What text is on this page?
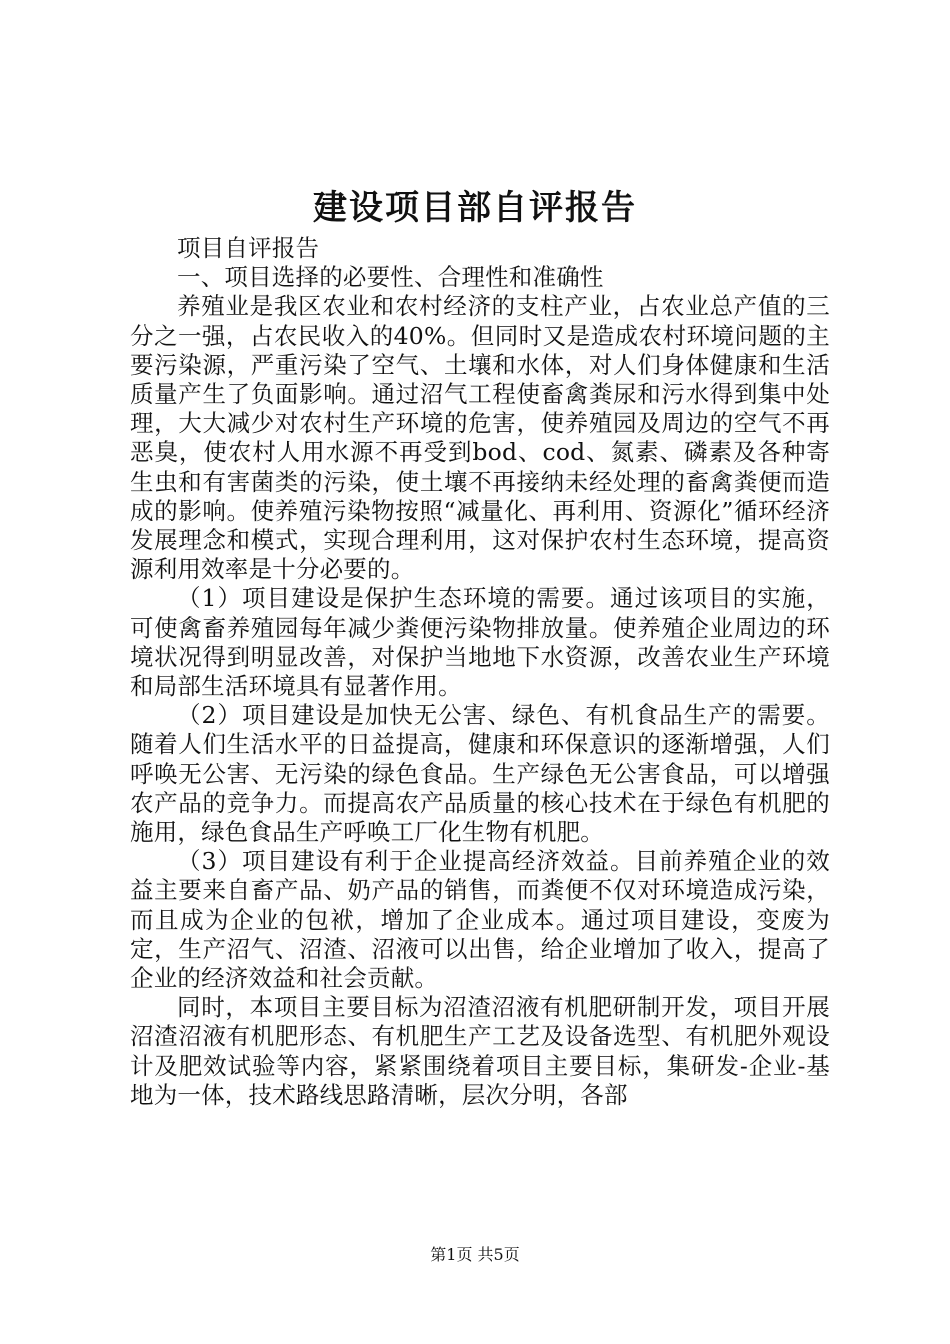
建设项目部自评报告

项目自评报告

一、项目选择的必要性、合理性和准确性

养殖业是我区农业和农村经济的支柱产业，占农业总产值的三分之一强，占农民收入的40%。但同时又是造成农村环境问题的主要污染源，严重污染了空气、土壤和水体，对人们身体健康和生活质量产生了负面影响。通过沼气工程使畜禽粪尿和污水得到集中处理，大大减少对农村生产环境的危害，使养殖园及周边的空气不再恶臭，使农村人用水源不再受到bod、cod、氮素、磷素及各种寄生虫和有害菌类的污染，使土壤不再接纳未经处理的畜禽粪便而造成的影响。使养殖污染物按照“减量化、再利用、资源化”循环经济发展理念和模式，实现合理利用，这对保护农村生态环境，提高资源利用效率是十分必要的。

（1）项目建设是保护生态环境的需要。通过该项目的实施，可使禽畜养殖园每年减少粪便污染物排放量。使养殖企业周边的环境状况得到明显改善，对保护当地地下水资源，改善农业生产环境和局部生活环境具有显著作用。

（2）项目建设是加快无公害、绿色、有机食品生产的需要。随着人们生活水平的日益提高，健康和环保意识的逐渐增强，人们呼唤无公害、无污染的绿色食品。生产绿色无公害食品，可以增强农产品的竞争力。而提高农产品质量的核心技术在于绿色有机肥的施用，绿色食品生产呼唤工厂化生物有机肥。

（3）项目建设有利于企业提高经济效益。目前养殖企业的效益主要来自畜产品、奶产品的销售，而粪便不仅对环境造成污染，而且成为企业的包袱，增加了企业成本。通过项目建设，变废为定，生产沼气、沼渣、沼液可以出售，给企业增加了收入，提高了企业的经济效益和社会贡献。

同时，本项目主要目标为沼渣沼液有机肥研制开发，项目开展沼渣沼液有机肥形态、有机肥生产工艺及设备选型、有机肥外观设计及肥效试验等内容，紧紧围绕着项目主要目标，集研发-企业-基地为一体，技术路线思路清晰，层次分明，各部

第1页 共5页
